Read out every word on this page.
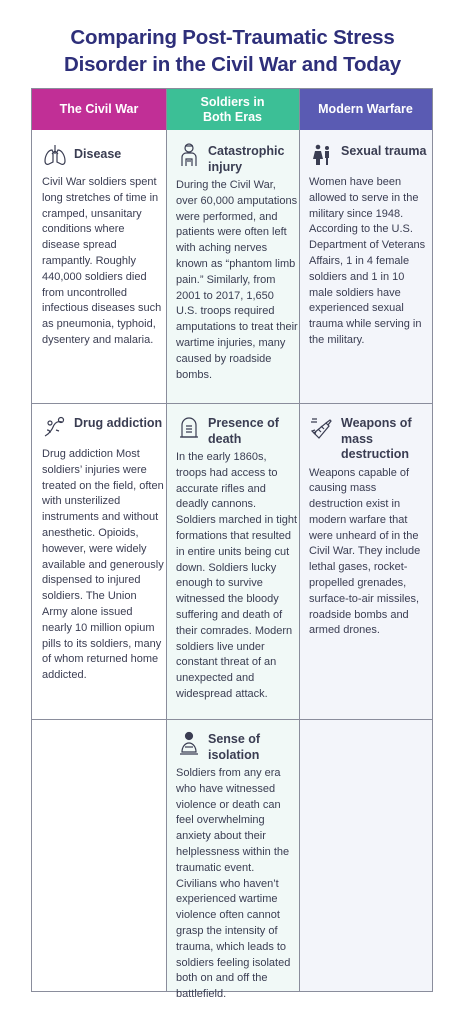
Comparing Post-Traumatic Stress
Disorder in the Civil War and Today
The Civil War
Soldiers in Both Eras
Modern Warfare
Disease
Civil War soldiers spent long stretches of time in cramped, unsanitary conditions where disease spread rampantly. Roughly 440,000 soldiers died from uncontrolled infectious diseases such as pneumonia, typhoid, dysentery and malaria.
Catastrophic injury
During the Civil War, over 60,000 amputations were performed, and patients were often left with aching nerves known as “phantom limb pain.” Similarly, from 2001 to 2017, 1,650 U.S. troops required amputations to treat their wartime injuries, many caused by roadside bombs.
Sexual trauma
Women have been allowed to serve in the military since 1948. According to the U.S. Department of Veterans Affairs, 1 in 4 female soldiers and 1 in 10 male soldiers have experienced sexual trauma while serving in the military.
Drug addiction
Drug addiction Most soldiers’ injuries were treated on the field, often with unsterilized instruments and without anesthetic. Opioids, however, were widely available and generously dispensed to injured soldiers. The Union Army alone issued nearly 10 million opium pills to its soldiers, many of whom returned home addicted.
Presence of death
In the early 1860s, troops had access to accurate rifles and deadly cannons. Soldiers marched in tight formations that resulted in entire units being cut down. Soldiers lucky enough to survive witnessed the bloody suffering and death of their comrades. Modern soldiers live under constant threat of an unexpected and widespread attack.
Weapons of mass destruction
Weapons capable of causing mass destruction exist in modern warfare that were unheard of in the Civil War. They include lethal gases, rocket-propelled grenades, surface-to-air missiles, roadside bombs and armed drones.
Sense of isolation
Soldiers from any era who have witnessed violence or death can feel overwhelming anxiety about their helplessness within the traumatic event. Civilians who haven’t experienced wartime violence often cannot grasp the intensity of trauma, which leads to soldiers feeling isolated both on and off the battlefield.
